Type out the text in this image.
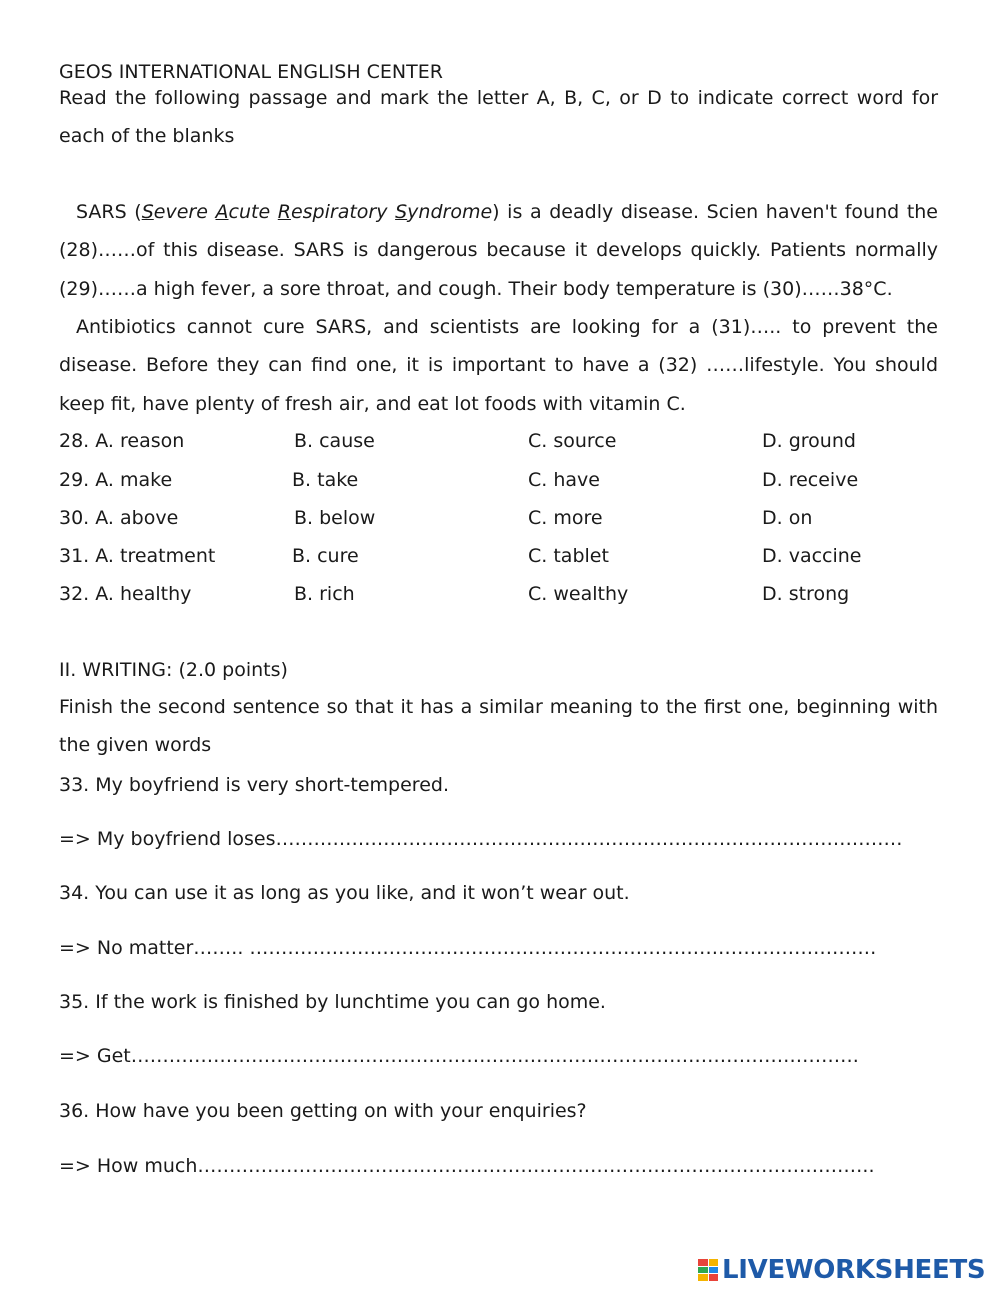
GEOS INTERNATIONAL ENGLISH CENTER
Read the following passage and mark the letter A, B, C, or D to indicate correct word for each of the blanks
SARS (Severe Acute Respiratory Syndrome) is a deadly disease. Scien haven't found the (28)……of this disease. SARS is dangerous because it develops quickly. Patients normally (29)……a high fever, a sore throat, and cough. Their body temperature is (30)……38°C.
Antibiotics cannot cure SARS, and scientists are looking for a (31)….. to prevent the disease. Before they can find one, it is important to have a (32) ……lifestyle. You should keep fit, have plenty of fresh air, and eat lot foods with vitamin C.
28. A. reason	B. cause	C. source	D. ground
29. A. make	B. take	C. have	D. receive
30. A. above	B. below	C. more	D. on
31. A. treatment	B. cure	C. tablet	D. vaccine
32. A. healthy	B. rich	C. wealthy	D. strong
II. WRITING: (2.0 points)
Finish the second sentence so that it has a similar meaning to the first one, beginning with the given words
33. My boyfriend is very short-tempered.
=> My boyfriend loses………………………………………………………………………………………
34. You can use it as long as you like, and it won’t wear out.
=> No matter…….. ………………………………………………………………………………………
35. If the work is finished by lunchtime you can go home.
=> Get…………………………………………………………………………………………………….
36. How have you been getting on with your enquiries?
=> How much……………………………………………………………………………………………..
LIVEWORKSHEETS
